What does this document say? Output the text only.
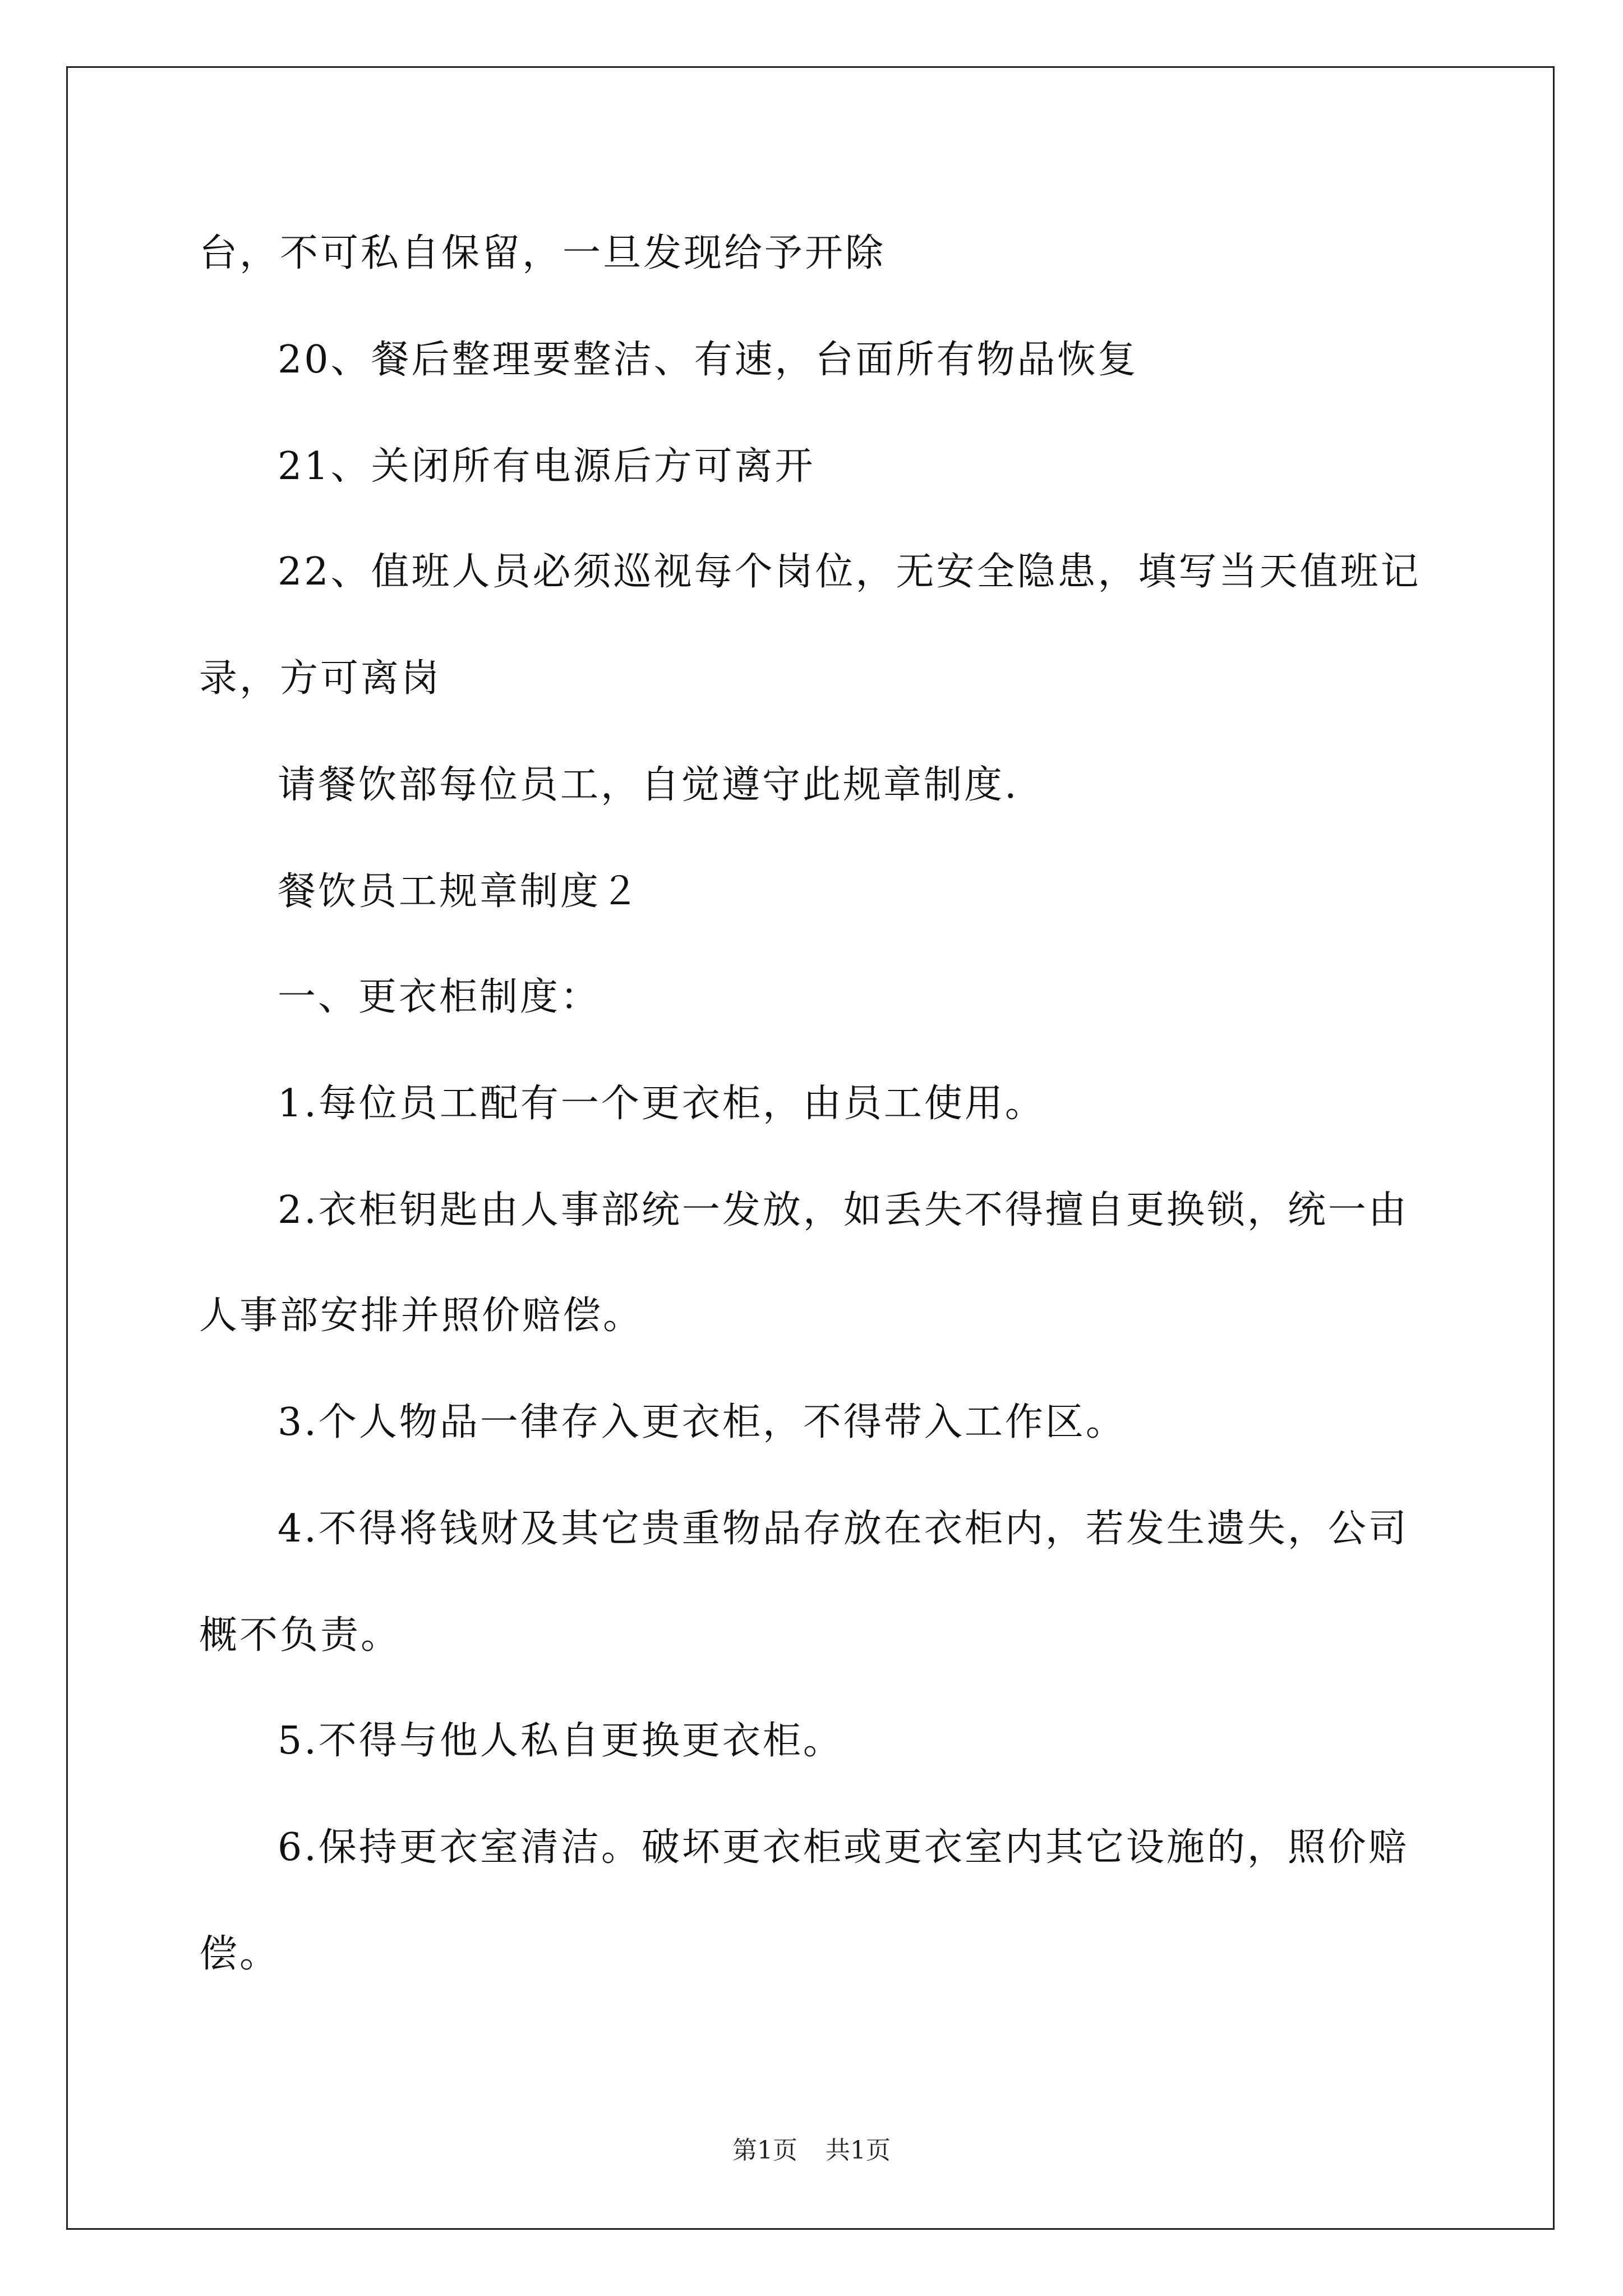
台，不可私自保留，一旦发现给予开除
20、餐后整理要整洁、有速，台面所有物品恢复
21、关闭所有电源后方可离开
22、值班人员必须巡视每个岗位，无安全隐患，填写当天值班记
录，方可离岗
请餐饮部每位员工，自觉遵守此规章制度.
餐饮员工规章制度２
一、更衣柜制度：
1.每位员工配有一个更衣柜，由员工使用。
2.衣柜钥匙由人事部统一发放，如丢失不得擅自更换锁，统一由
人事部安排并照价赔偿。
3.个人物品一律存入更衣柜，不得带入工作区。
4.不得将钱财及其它贵重物品存放在衣柜内，若发生遗失，公司
概不负责。
5.不得与他人私自更换更衣柜。
6.保持更衣室清洁。破坏更衣柜或更衣室内其它设施的，照价赔
偿。
第1页 共1页
